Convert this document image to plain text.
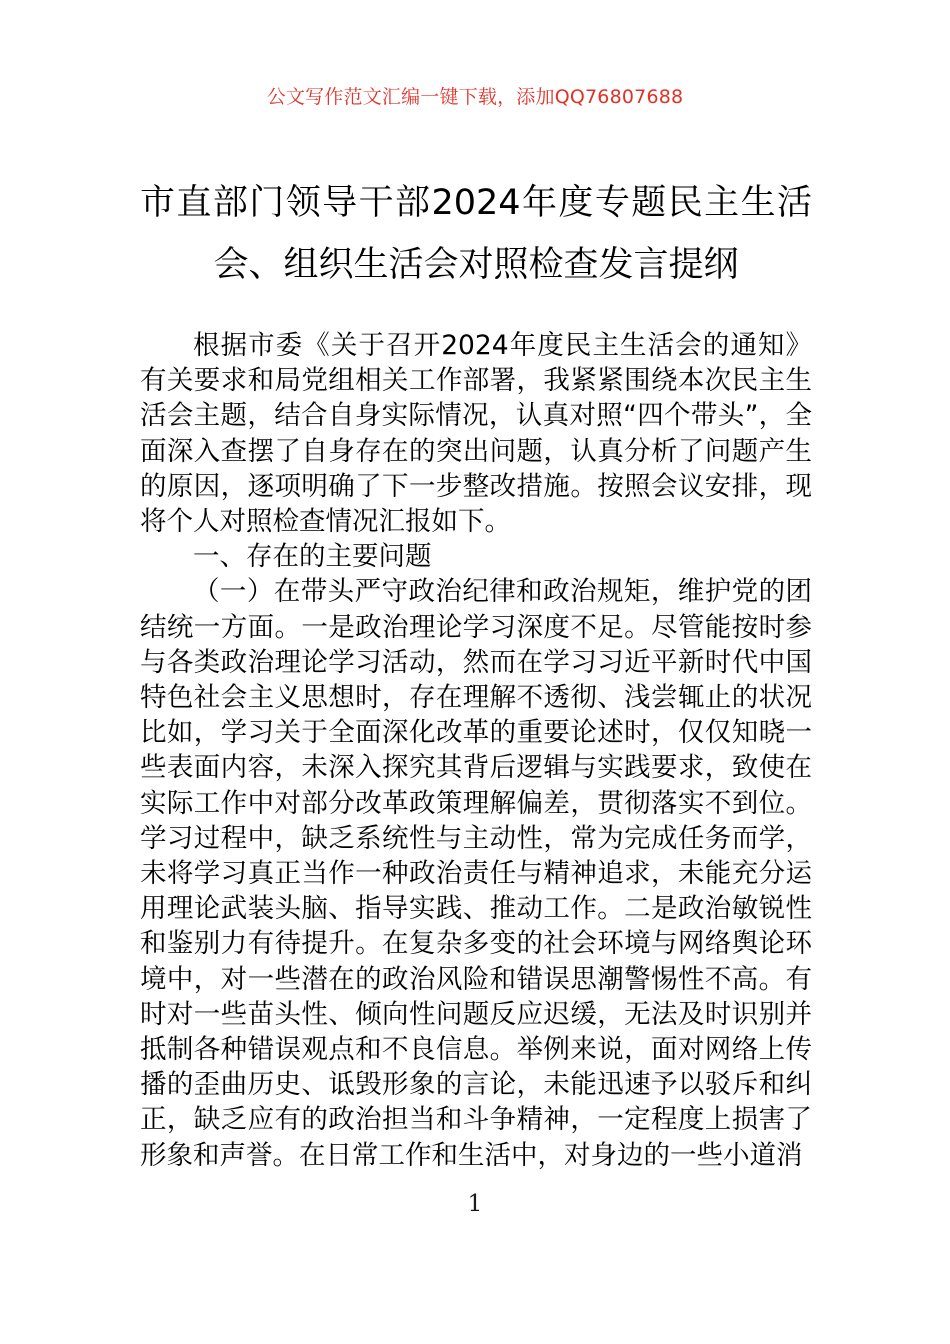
公文写作范文汇编一键下载，添加QQ76807688
市直部门领导干部2024年度专题民主生活会、组织生活会对照检查发言提纲

根据市委《关于召开2024年度民主生活会的通知》有关要求和局党组相关工作部署，我紧紧围绕本次民主生活会主题，结合自身实际情况，认真对照“四个带头”，全面深入查摆了自身存在的突出问题，认真分析了问题产生的原因，逐项明确了下一步整改措施。按照会议安排，现将个人对照检查情况汇报如下。

一、存在的主要问题

（一）在带头严守政治纪律和政治规矩，维护党的团结统一方面。一是政治理论学习深度不足。尽管能按时参与各类政治理论学习活动，然而在学习习近平新时代中国特色社会主义思想时，存在理解不透彻、浅尝辄止的状况比如，学习关于全面深化改革的重要论述时，仅仅知晓一些表面内容，未深入探究其背后逻辑与实践要求，致使在实际工作中对部分改革政策理解偏差，贯彻落实不到位。学习过程中，缺乏系统性与主动性，常为完成任务而学，未将学习真正当作一种政治责任与精神追求，未能充分运用理论武装头脑、指导实践、推动工作。二是政治敏锐性和鉴别力有待提升。在复杂多变的社会环境与网络舆论环境中，对一些潜在的政治风险和错误思潮警惕性不高。有时对一些苗头性、倾向性问题反应迟缓，无法及时识别并抵制各种错误观点和不良信息。举例来说，面对网络上传播的歪曲历史、诋毁形象的言论，未能迅速予以驳斥和纠正，缺乏应有的政治担当和斗争精神，一定程度上损害了形象和声誉。在日常工作和生活中，对身边的一些小道消

1
